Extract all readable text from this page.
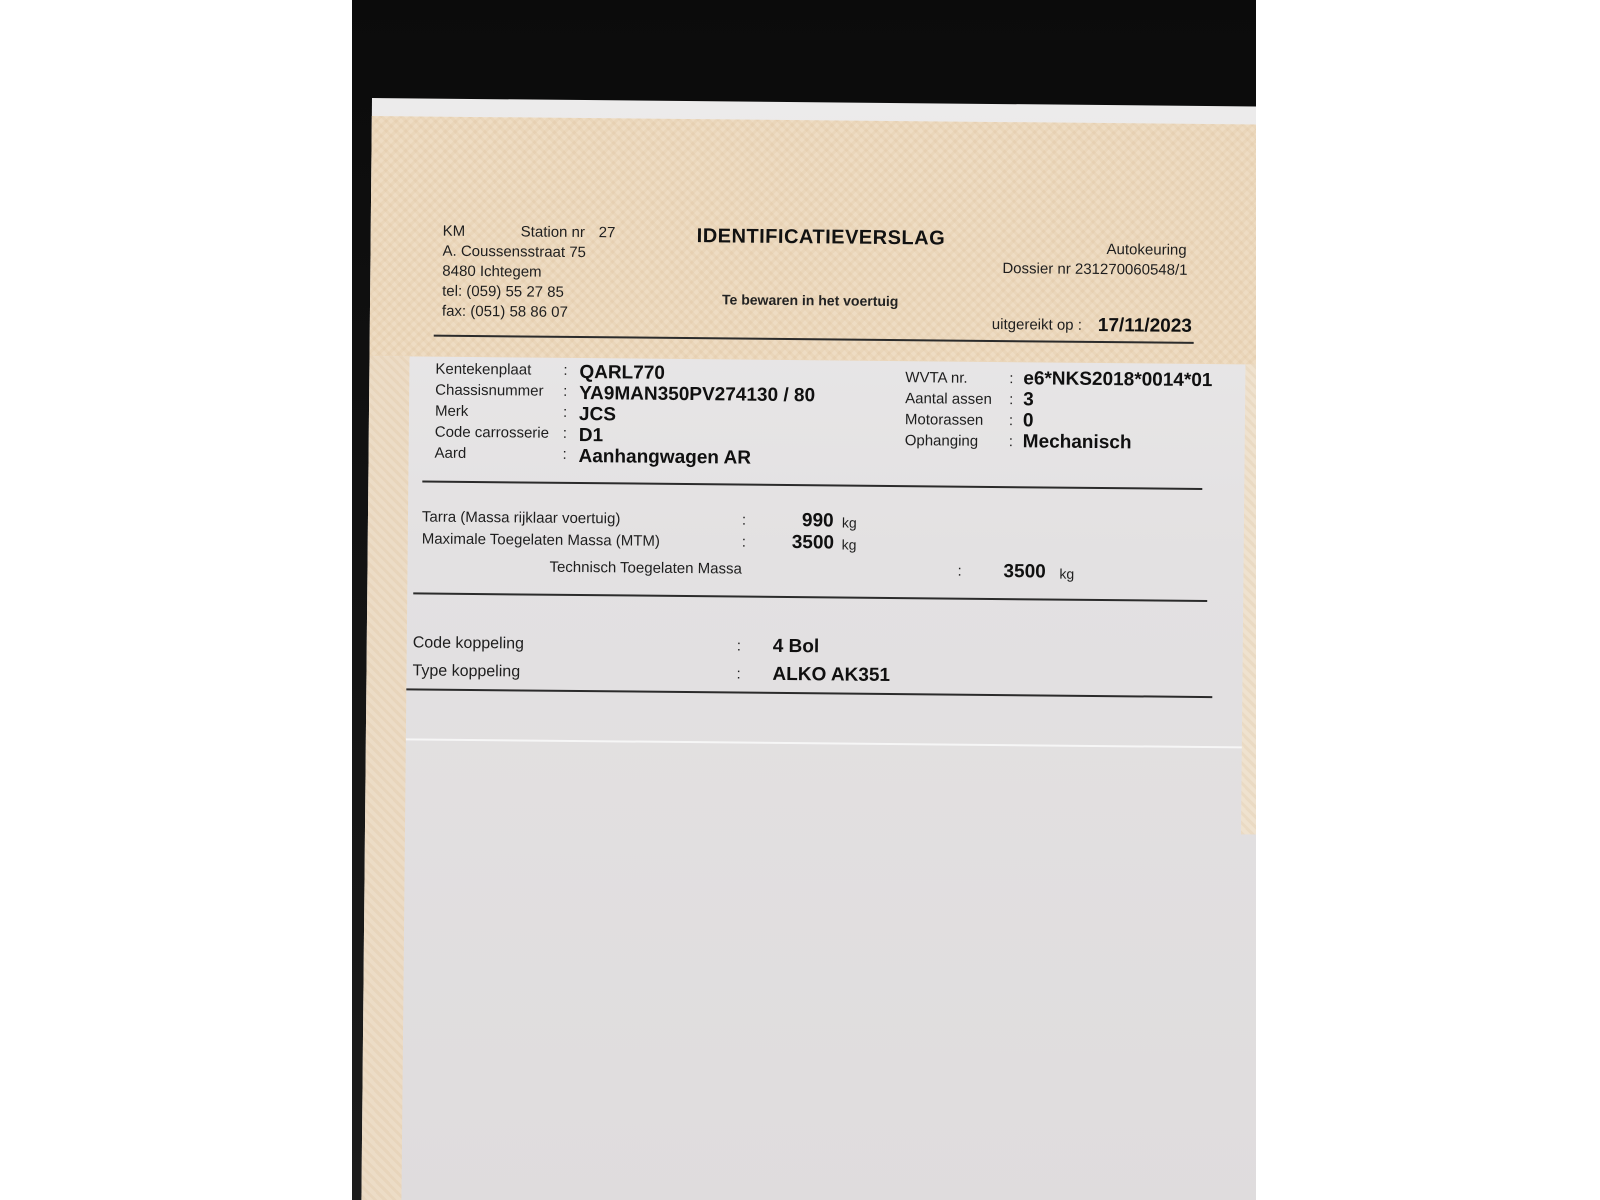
KM	Station nr 27
A. Coussensstraat 75
8480 Ichtegem
tel: (059) 55 27 85
fax: (051) 58 86 07
IDENTIFICATIEVERSLAG
Te bewaren in het voertuig
Autokeuring
Dossier nr 231270060548/1
uitgereikt op : 17/11/2023
Kentekenplaat : QARL770
Chassisnummer : YA9MAN350PV274130 / 80
Merk	: JCS
Code carrosserie : D1
Aard	: Aanhangwagen AR
WVTA nr.	: e6*NKS2018*0014*01
Aantal assen : 3
Motorassen : 0
Ophanging : Mechanisch
Tarra (Massa rijklaar voertuig)	:	990 kg
Maximale Toegelaten Massa (MTM)	: 3500 kg
Technisch Toegelaten Massa	: 3500 kg
Code koppeling	: 4 Bol
Type koppeling	: ALKO AK351
